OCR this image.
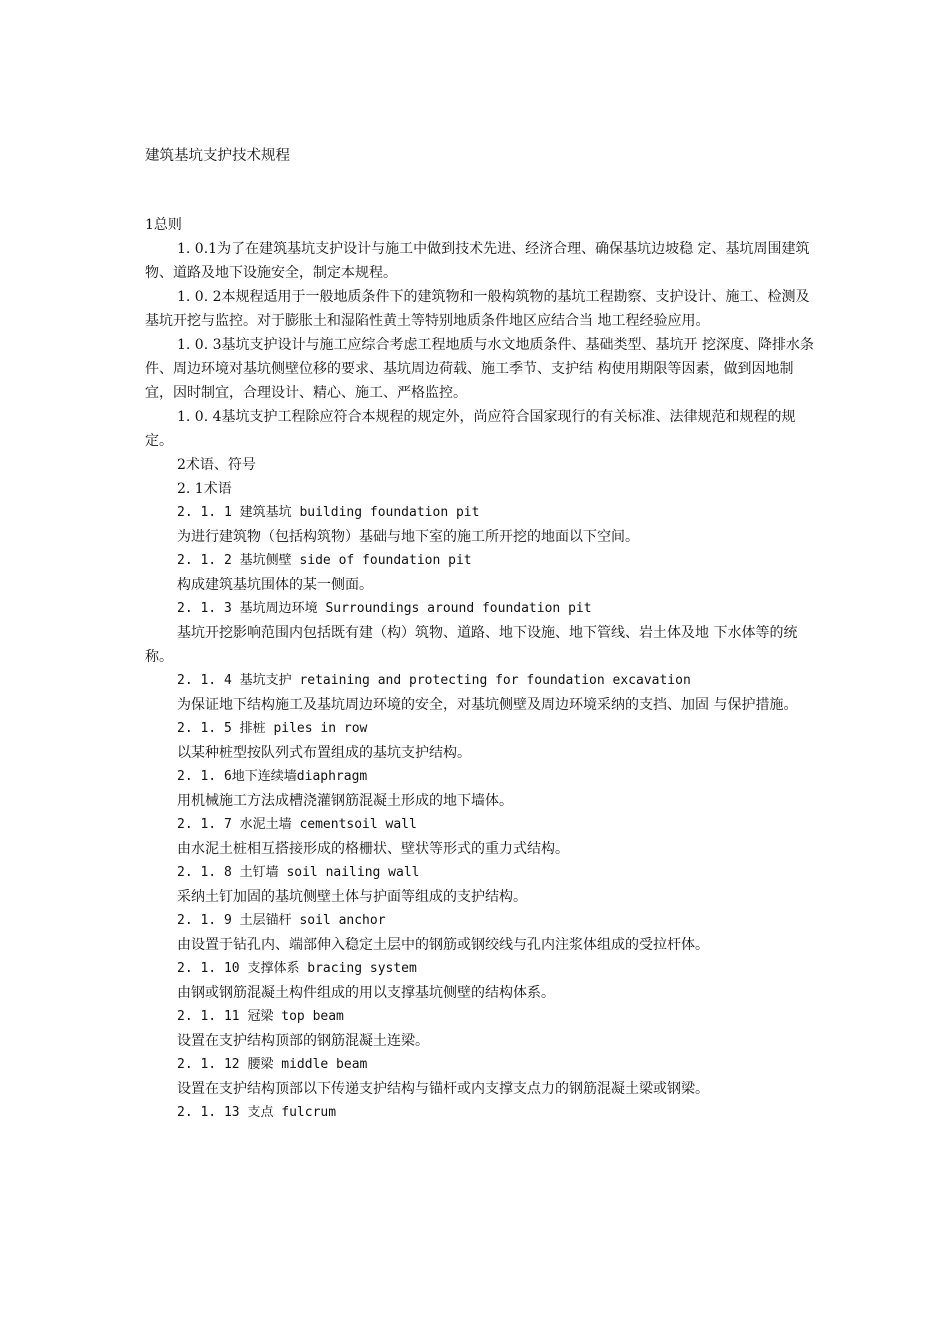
建筑基坑支护技术规程

1总则

1. 0.1为了在建筑基坑支护设计与施工中做到技术先进、经济合理、确保基坑边坡稳 定、基坑周围建筑物、道路及地下设施安全，制定本规程。

1. 0. 2本规程适用于一般地质条件下的建筑物和一般构筑物的基坑工程勘察、支护设计、施工、检测及基坑开挖与监控。对于膨胀土和湿陷性黄土等特别地质条件地区应结合当 地工程经验应用。

1. 0. 3基坑支护设计与施工应综合考虑工程地质与水文地质条件、基础类型、基坑开 挖深度、降排水条件、周边环境对基坑侧壁位移的要求、基坑周边荷载、施工季节、支护结 构使用期限等因素，做到因地制宜，因时制宜，合理设计、精心、施工、严格监控。

1. 0. 4基坑支护工程除应符合本规程的规定外，尚应符合国家现行的有关标准、法律规范和规程的规定。

2术语、符号

2. 1术语

2. 1. 1 建筑基坑 building foundation pit

为进行建筑物（包括构筑物）基础与地下室的施工所开挖的地面以下空间。

2. 1. 2 基坑侧壁 side of foundation pit

构成建筑基坑围体的某一侧面。

2. 1. 3 基坑周边环境 Surroundings around foundation pit

基坑开挖影响范围内包括既有建（构）筑物、道路、地下设施、地下管线、岩土体及地 下水体等的统称。

2. 1. 4 基坑支护 retaining and protecting for foundation excavation

为保证地下结构施工及基坑周边环境的安全，对基坑侧壁及周边环境采纳的支挡、加固 与保护措施。

2. 1. 5 排桩 piles in row

以某种桩型按队列式布置组成的基坑支护结构。

2. 1. 6地下连续墙diaphragm

用机械施工方法成槽浇灌钢筋混凝土形成的地下墙体。

2. 1. 7 水泥土墙 cementsoil wall

由水泥土桩相互搭接形成的格栅状、壁状等形式的重力式结构。

2. 1. 8 土钉墙 soil nailing wall

采纳土钉加固的基坑侧壁土体与护面等组成的支护结构。

2. 1. 9 土层锚杆 soil anchor

由设置于钻孔内、端部伸入稳定土层中的钢筋或钢绞线与孔内注浆体组成的受拉杆体。

2. 1. 10 支撑体系 bracing system

由钢或钢筋混凝土构件组成的用以支撑基坑侧壁的结构体系。

2. 1. 11 冠梁 top beam

设置在支护结构顶部的钢筋混凝土连梁。

2. 1. 12 腰梁 middle beam

设置在支护结构顶部以下传递支护结构与锚杆或内支撑支点力的钢筋混凝土梁或钢梁。

2. 1. 13 支点 fulcrum
